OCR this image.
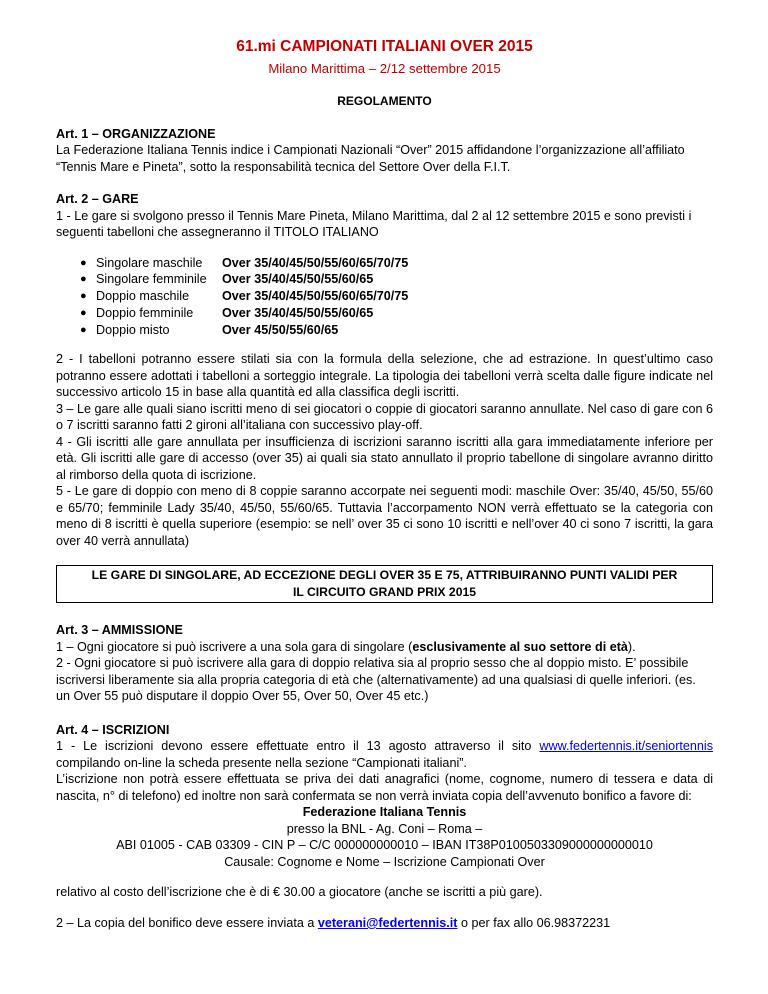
61.mi CAMPIONATI ITALIANI OVER 2015
Milano Marittima – 2/12 settembre 2015
REGOLAMENTO
Art. 1 – ORGANIZZAZIONE

La Federazione Italiana Tennis indice i Campionati Nazionali “Over” 2015 affidandone l’organizzazione all’affiliato “Tennis Mare e Pineta”, sotto la responsabilità tecnica del Settore Over della F.I.T.

Art. 2 – GARE

1 - Le gare si svolgono presso il Tennis Mare Pineta, Milano Marittima, dal 2 al 12 settembre 2015 e sono previsti i seguenti tabelloni che assegneranno il TITOLO ITALIANO

● Singolare maschile	Over 35/40/45/50/55/60/65/70/75
● Singolare femminile	Over 35/40/45/50/55/60/65
● Doppio maschile	Over 35/40/45/50/55/60/65/70/75
● Doppio femminile	Over 35/40/45/50/55/60/65
● Doppio misto	Over 45/50/55/60/65

2 - I tabelloni potranno essere stilati sia con la formula della selezione, che ad estrazione. In quest’ultimo caso potranno essere adottati i tabelloni a sorteggio integrale. La tipologia dei tabelloni verrà scelta dalle figure indicate nel successivo articolo 15 in base alla quantità ed alla classifica degli iscritti.

3 – Le gare alle quali siano iscritti meno di sei giocatori o coppie di giocatori saranno annullate. Nel caso di gare con 6 o 7 iscritti saranno fatti 2 gironi all’italiana con successivo play-off.

4 - Gli iscritti alle gare annullata per insufficienza di iscrizioni saranno iscritti alla gara immediatamente inferiore per età. Gli iscritti alle gare di accesso (over 35) ai quali sia stato annullato il proprio tabellone di singolare avranno diritto al rimborso della quota di iscrizione.

5 - Le gare di doppio con meno di 8 coppie saranno accorpate nei seguenti modi: maschile Over: 35/40, 45/50, 55/60 e 65/70; femminile Lady 35/40, 45/50, 55/60/65. Tuttavia l’accorpamento NON verrà effettuato se la categoria con meno di 8 iscritti è quella superiore (esempio: se nell’ over 35 ci sono 10 iscritti e nell’over 40 ci sono 7 iscritti, la gara over 40 verrà annullata)

LE GARE DI SINGOLARE, AD ECCEZIONE DEGLI OVER 35 E 75, ATTRIBUIRANNO PUNTI VALIDI PER IL CIRCUITO GRAND PRIX 2015
Art. 3 – AMMISSIONE

1 – Ogni giocatore si può iscrivere a una sola gara di singolare (esclusivamente al suo settore di età).

2 - Ogni giocatore si può iscrivere alla gara di doppio relativa sia al proprio sesso che al doppio misto. E’ possibile iscriversi liberamente sia alla propria categoria di età che (alternativamente) ad una qualsiasi di quelle inferiori. (es. un Over 55 può disputare il doppio Over 55, Over 50, Over 45 etc.)

Art. 4 – ISCRIZIONI

1 - Le iscrizioni devono essere effettuate entro il 13 agosto attraverso il sito www.federtennis.it/seniortennis compilando on-line la scheda presente nella sezione “Campionati italiani”.

L’iscrizione non potrà essere effettuata se priva dei dati anagrafici (nome, cognome, numero di tessera e data di nascita, n° di telefono) ed inoltre non sarà confermata se non verrà inviata copia dell’avvenuto bonifico a favore di:

Federazione Italiana Tennis
presso la BNL - Ag. Coni – Roma –
ABI 01005 - CAB 03309 - CIN P – C/C 000000000010 – IBAN IT38P0100503309000000000010
Causale: Cognome e Nome – Iscrizione Campionati Over

relativo al costo dell’iscrizione che è di € 30.00 a giocatore (anche se iscritti a più gare).

2 – La copia del bonifico deve essere inviata a veterani@federtennis.it o per fax allo 06.98372231
